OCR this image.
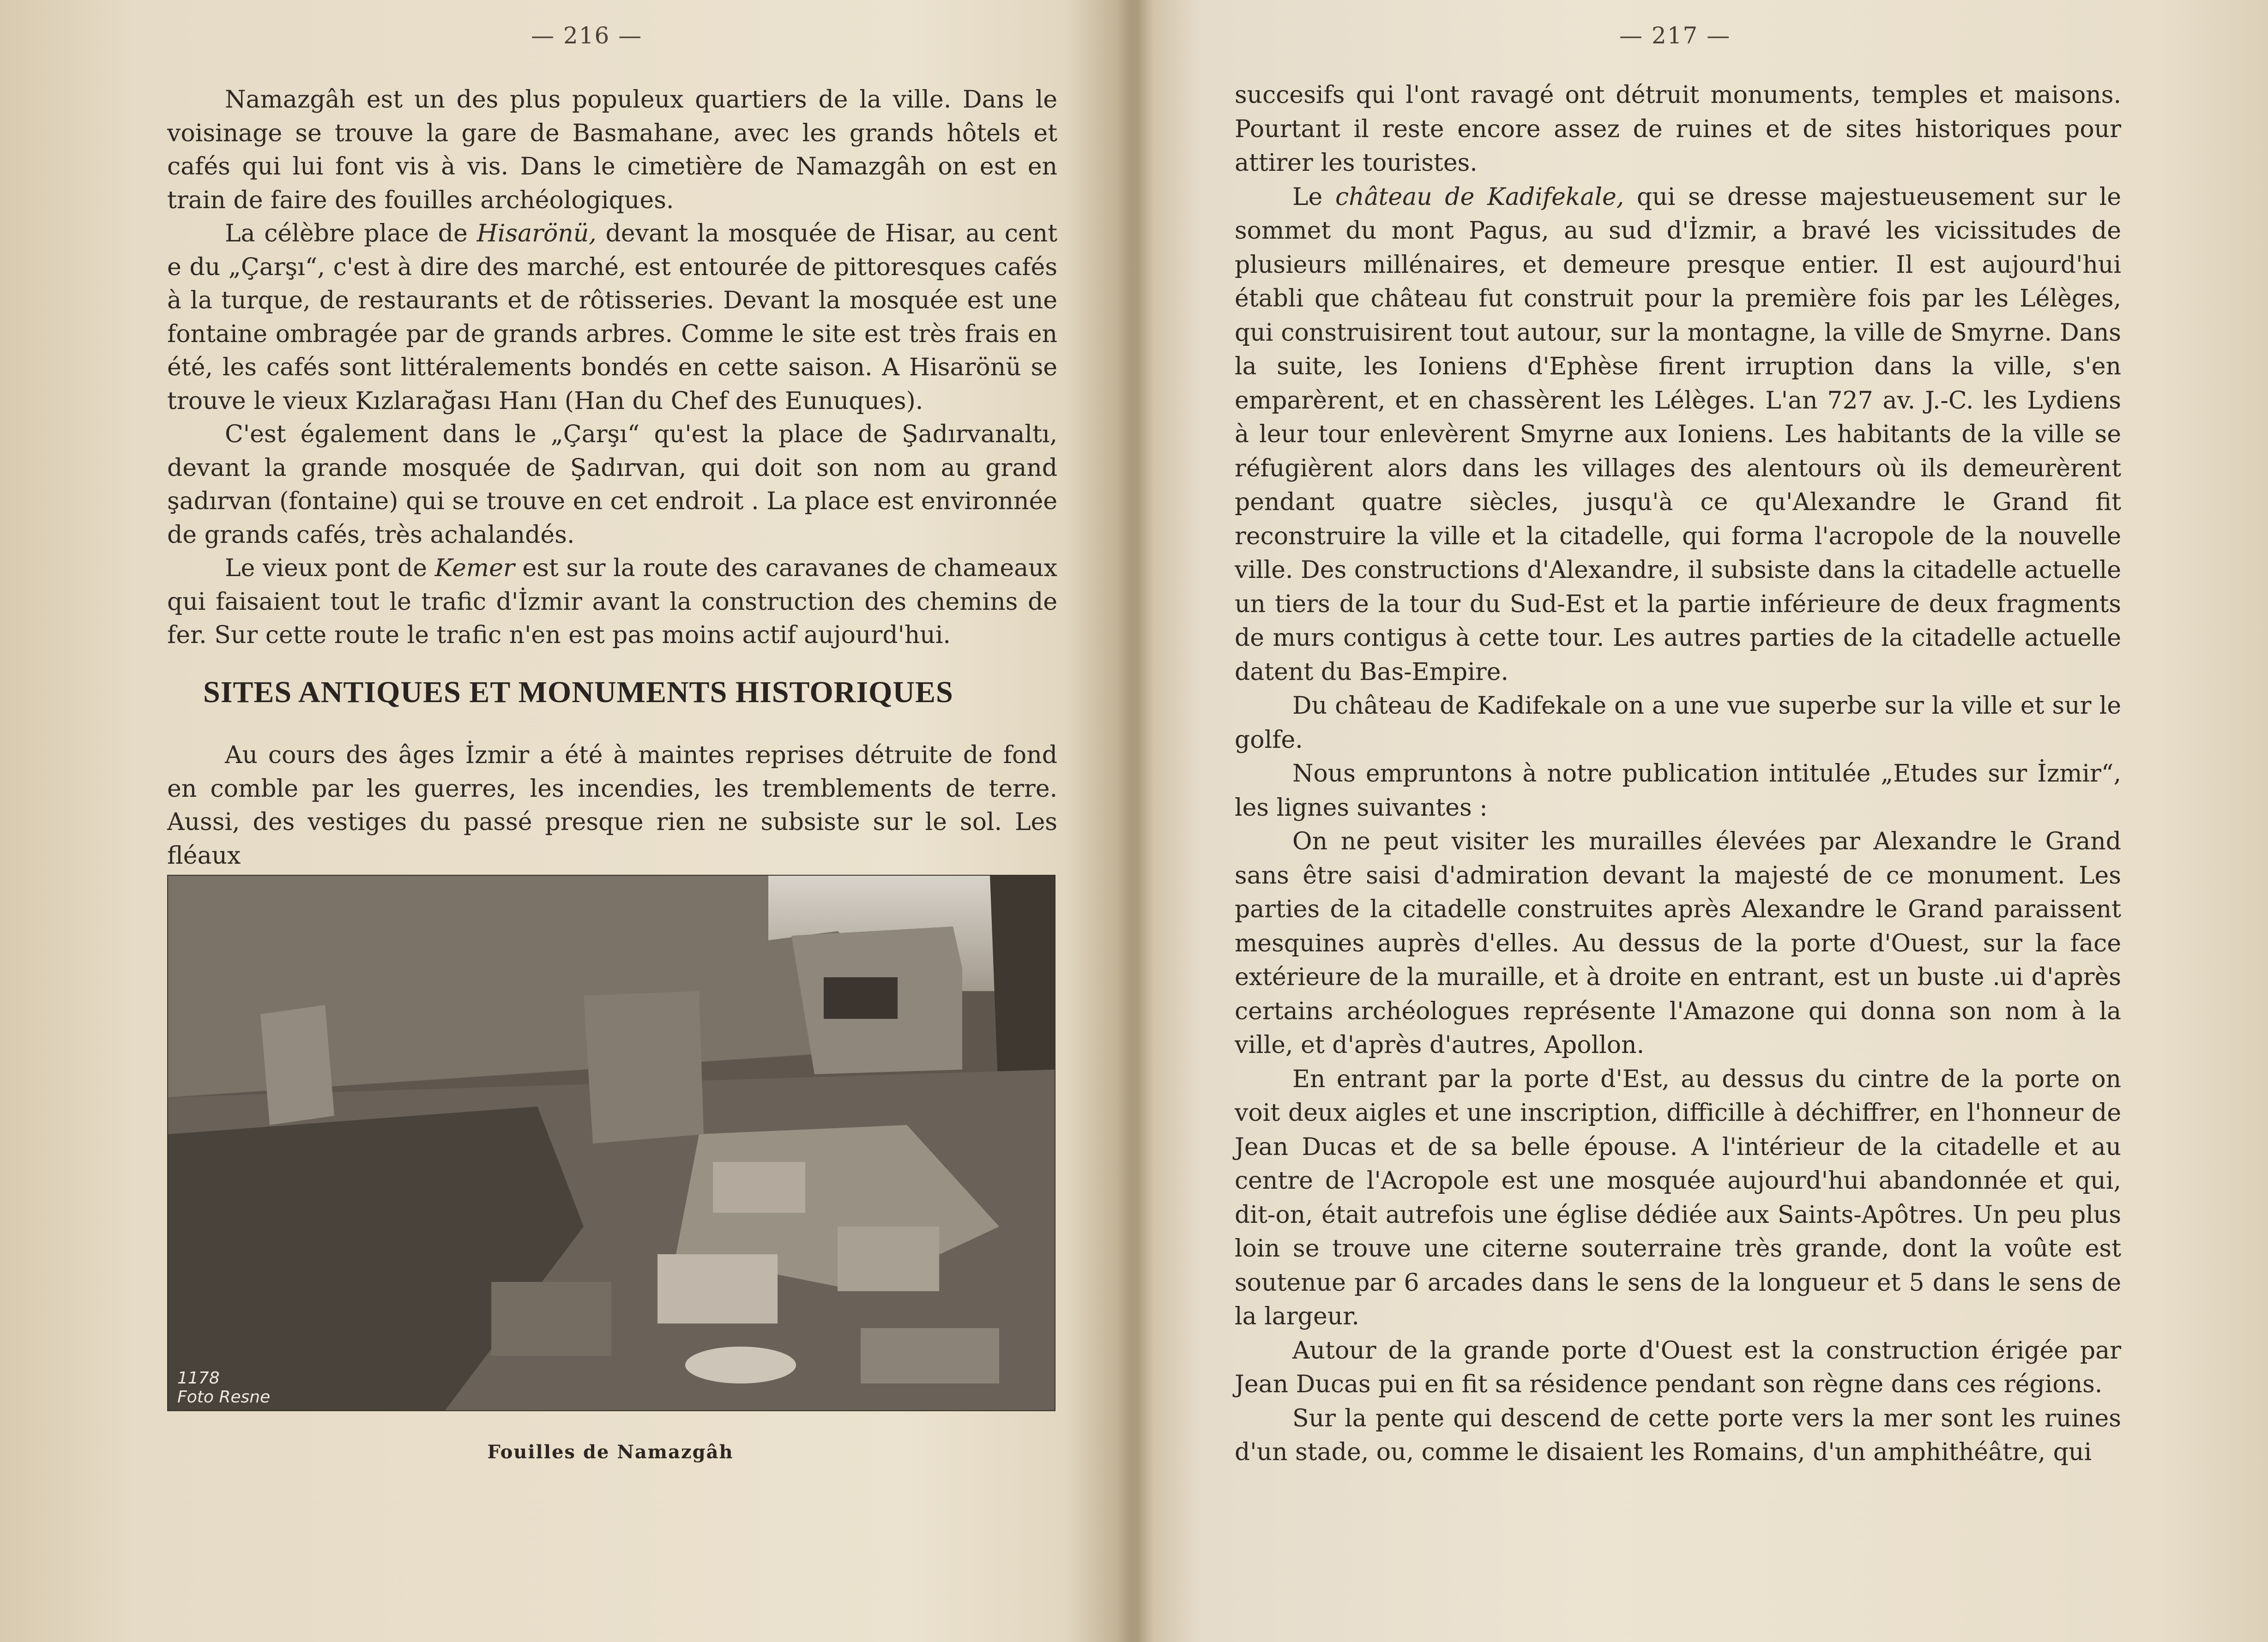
— 216 —

Namazgâh est un des plus populeux quartiers de la ville. Dans le voisinage se trouve la gare de Basmahane, avec les grands hôtels et cafés qui lui font vis à vis. Dans le cimetière de Namazgâh on est en train de faire des fouilles archéologiques.

La célèbre place de Hisarönü, devant la mosquée de Hisar, au cent e du „Çarşı“, c'est à dire des marché, est entourée de pittoresques cafés à la turque, de restaurants et de rôtisseries. Devant la mosquée est une fontaine ombragée par de grands arbres. Comme le site est très frais en été, les cafés sont littéralements bondés en cette saison. A Hisarönü se trouve le vieux Kızlarağası Hanı (Han du Chef des Eunuques).

C'est également dans le „Çarşı“ qu'est la place de Şadırvanaltı, devant la grande mosquée de Şadırvan, qui doit son nom au grand şadırvan (fontaine) qui se trouve en cet endroit . La place est environnée de grands cafés, très achalandés.

Le vieux pont de Kemer est sur la route des caravanes de chameaux qui faisaient tout le trafic d'İzmir avant la construction des chemins de fer. Sur cette route le trafic n'en est pas moins actif aujourd'hui.

SITES ANTIQUES ET MONUMENTS HISTORIQUES

Au cours des âges İzmir a été à maintes reprises détruite de fond en comble par les guerres, les incendies, les tremblements de terre. Aussi, des vestiges du passé presque rien ne subsiste sur le sol. Les fléaux

1178
Foto Resne
Fouilles de Namazgâh
— 217 —

succesifs qui l'ont ravagé ont détruit monuments, temples et maisons. Pourtant il reste encore assez de ruines et de sites historiques pour attirer les touristes.

Le château de Kadifekale, qui se dresse majestueusement sur le sommet du mont Pagus, au sud d'İzmir, a bravé les vicissitudes de plusieurs millénaires, et demeure presque entier. Il est aujourd'hui établi que château fut construit pour la première fois par les Lélèges, qui construisirent tout autour, sur la montagne, la ville de Smyrne. Dans la suite, les Ioniens d'Ephèse firent irruption dans la ville, s'en emparèrent, et en chassèrent les Lélèges. L'an 727 av. J.-C. les Lydiens à leur tour enlevèrent Smyrne aux Ioniens. Les habitants de la ville se réfugièrent alors dans les villages des alentours où ils demeurèrent pendant quatre siècles, jusqu'à ce qu'Alexandre le Grand fit reconstruire la ville et la citadelle, qui forma l'acropole de la nouvelle ville. Des constructions d'Alexandre, il subsiste dans la citadelle actuelle un tiers de la tour du Sud-Est et la partie inférieure de deux fragments de murs contigus à cette tour. Les autres parties de la citadelle actuelle datent du Bas-Empire.

Du château de Kadifekale on a une vue superbe sur la ville et sur le golfe.

Nous empruntons à notre publication intitulée „Etudes sur İzmir“, les lignes suivantes :

On ne peut visiter les murailles élevées par Alexandre le Grand sans être saisi d'admiration devant la majesté de ce monument. Les parties de la citadelle construites après Alexandre le Grand paraissent mesquines auprès d'elles. Au dessus de la porte d'Ouest, sur la face extérieure de la muraille, et à droite en entrant, est un buste .ui d'après certains archéologues représente l'Amazone qui donna son nom à la ville, et d'après d'autres, Apollon.

En entrant par la porte d'Est, au dessus du cintre de la porte on voit deux aigles et une inscription, difficille à déchiffrer, en l'honneur de Jean Ducas et de sa belle épouse. A l'intérieur de la citadelle et au centre de l'Acropole est une mosquée aujourd'hui abandonnée et qui, dit-on, était autrefois une église dédiée aux Saints-Apôtres. Un peu plus loin se trouve une citerne souterraine très grande, dont la voûte est soutenue par 6 arcades dans le sens de la longueur et 5 dans le sens de la largeur.

Autour de la grande porte d'Ouest est la construction érigée par Jean Ducas pui en fit sa résidence pendant son règne dans ces régions.

Sur la pente qui descend de cette porte vers la mer sont les ruines d'un stade, ou, comme le disaient les Romains, d'un amphithéâtre, qui
